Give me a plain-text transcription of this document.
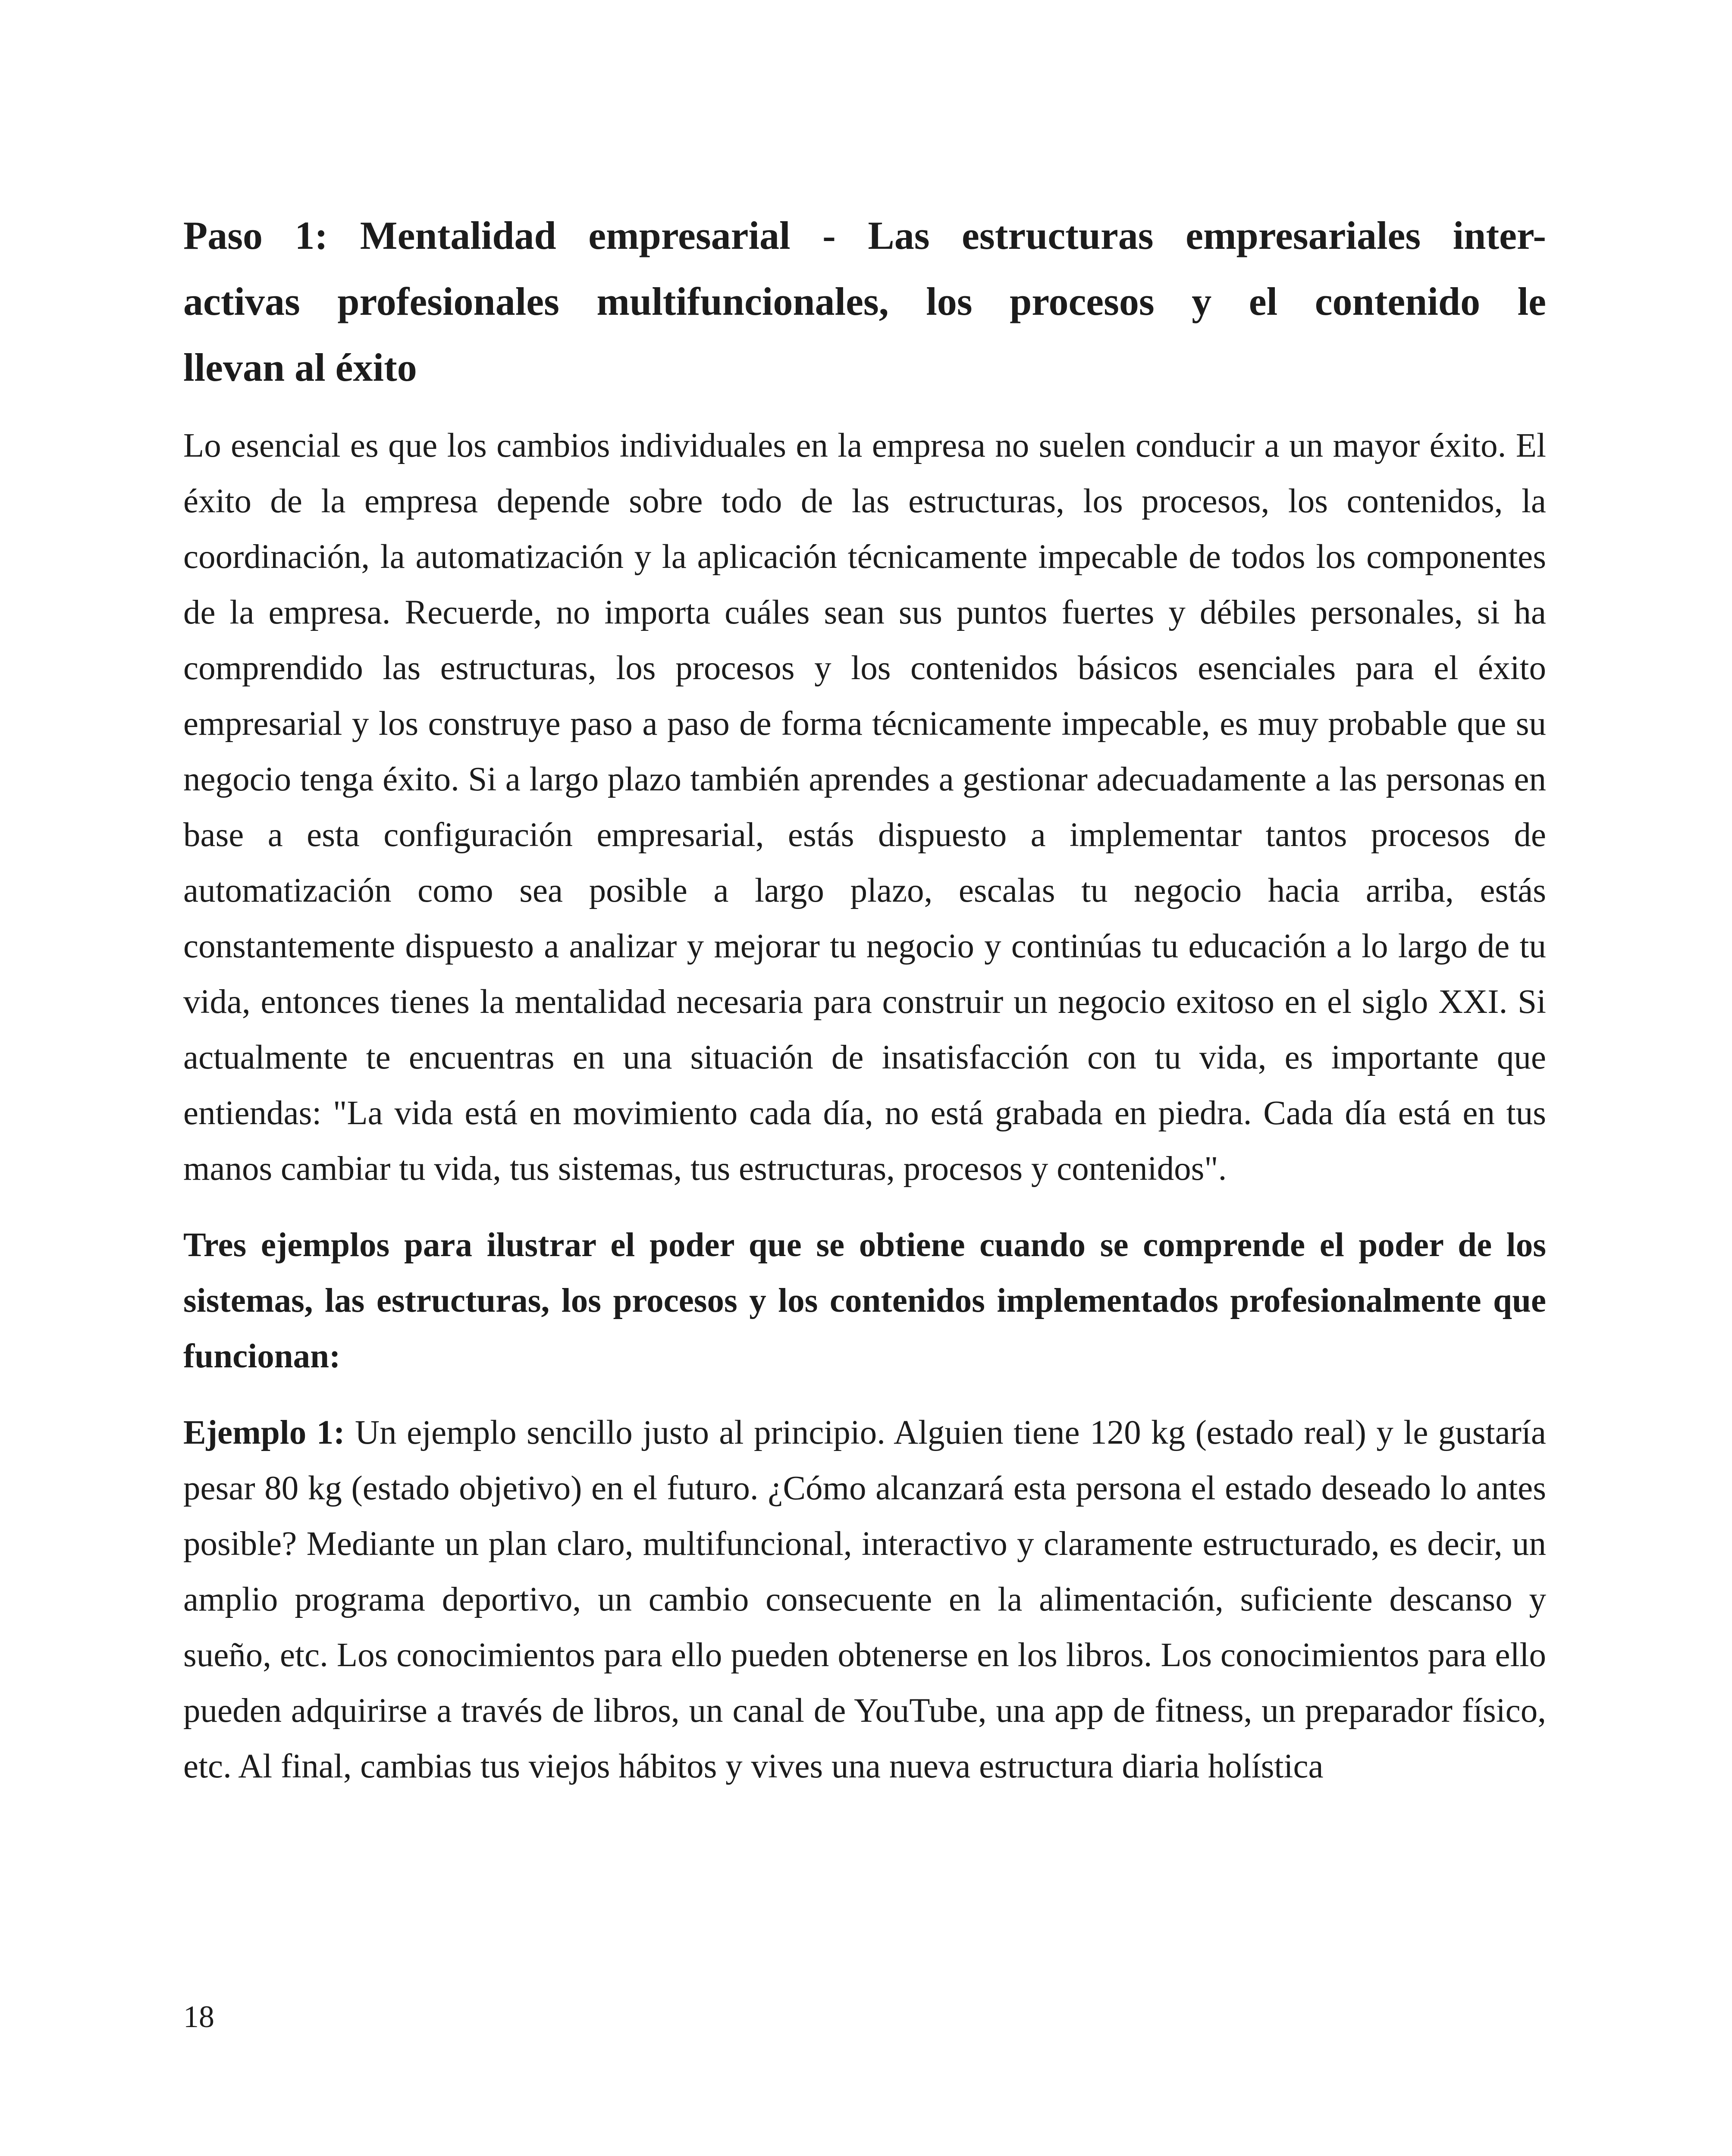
Paso 1: Mentalidad empresarial - Las estructuras empresariales inter-
activas profesionales multifuncionales, los procesos y el contenido le
llevan al éxito

Lo esencial es que los cambios individuales en la empresa no suelen conducir a un mayor éxito. El éxito de la empresa depende sobre todo de las estructuras, los procesos, los contenidos, la coordinación, la automatización y la aplicación técnicamente impecable de todos los componentes de la empresa. Recuerde, no importa cuáles sean sus puntos fuertes y débiles personales, si ha comprendido las estructuras, los procesos y los contenidos básicos esenciales para el éxito empresarial y los construye paso a paso de forma técnicamente impecable, es muy probable que su negocio tenga éxito. Si a largo plazo también aprendes a gestionar adecuadamente a las personas en base a esta configuración empresarial, estás dispuesto a implementar tantos procesos de automatización como sea posible a largo plazo, escalas tu negocio hacia arriba, estás constantemente dispuesto a analizar y mejorar tu negocio y continúas tu educación a lo largo de tu vida, entonces tienes la mentalidad necesaria para construir un negocio exitoso en el siglo XXI. Si actualmente te encuentras en una situación de insatisfacción con tu vida, es importante que entiendas: "La vida está en movimiento cada día, no está grabada en piedra. Cada día está en tus manos cambiar tu vida, tus sistemas, tus estructuras, procesos y contenidos".

Tres ejemplos para ilustrar el poder que se obtiene cuando se comprende el poder de los sistemas, las estructuras, los procesos y los contenidos implementados profesionalmente que funcionan:

Ejemplo 1: Un ejemplo sencillo justo al principio. Alguien tiene 120 kg (estado real) y le gustaría pesar 80 kg (estado objetivo) en el futuro. ¿Cómo alcanzará esta persona el estado deseado lo antes posible? Mediante un plan claro, multifuncional, interactivo y claramente estructurado, es decir, un amplio programa deportivo, un cambio consecuente en la alimentación, suficiente descanso y sueño, etc. Los conocimientos para ello pueden obtenerse en los libros. Los conocimientos para ello pueden adquirirse a través de libros, un canal de YouTube, una app de fitness, un preparador físico, etc. Al final, cambias tus viejos hábitos y vives una nueva estructura diaria holística

18
